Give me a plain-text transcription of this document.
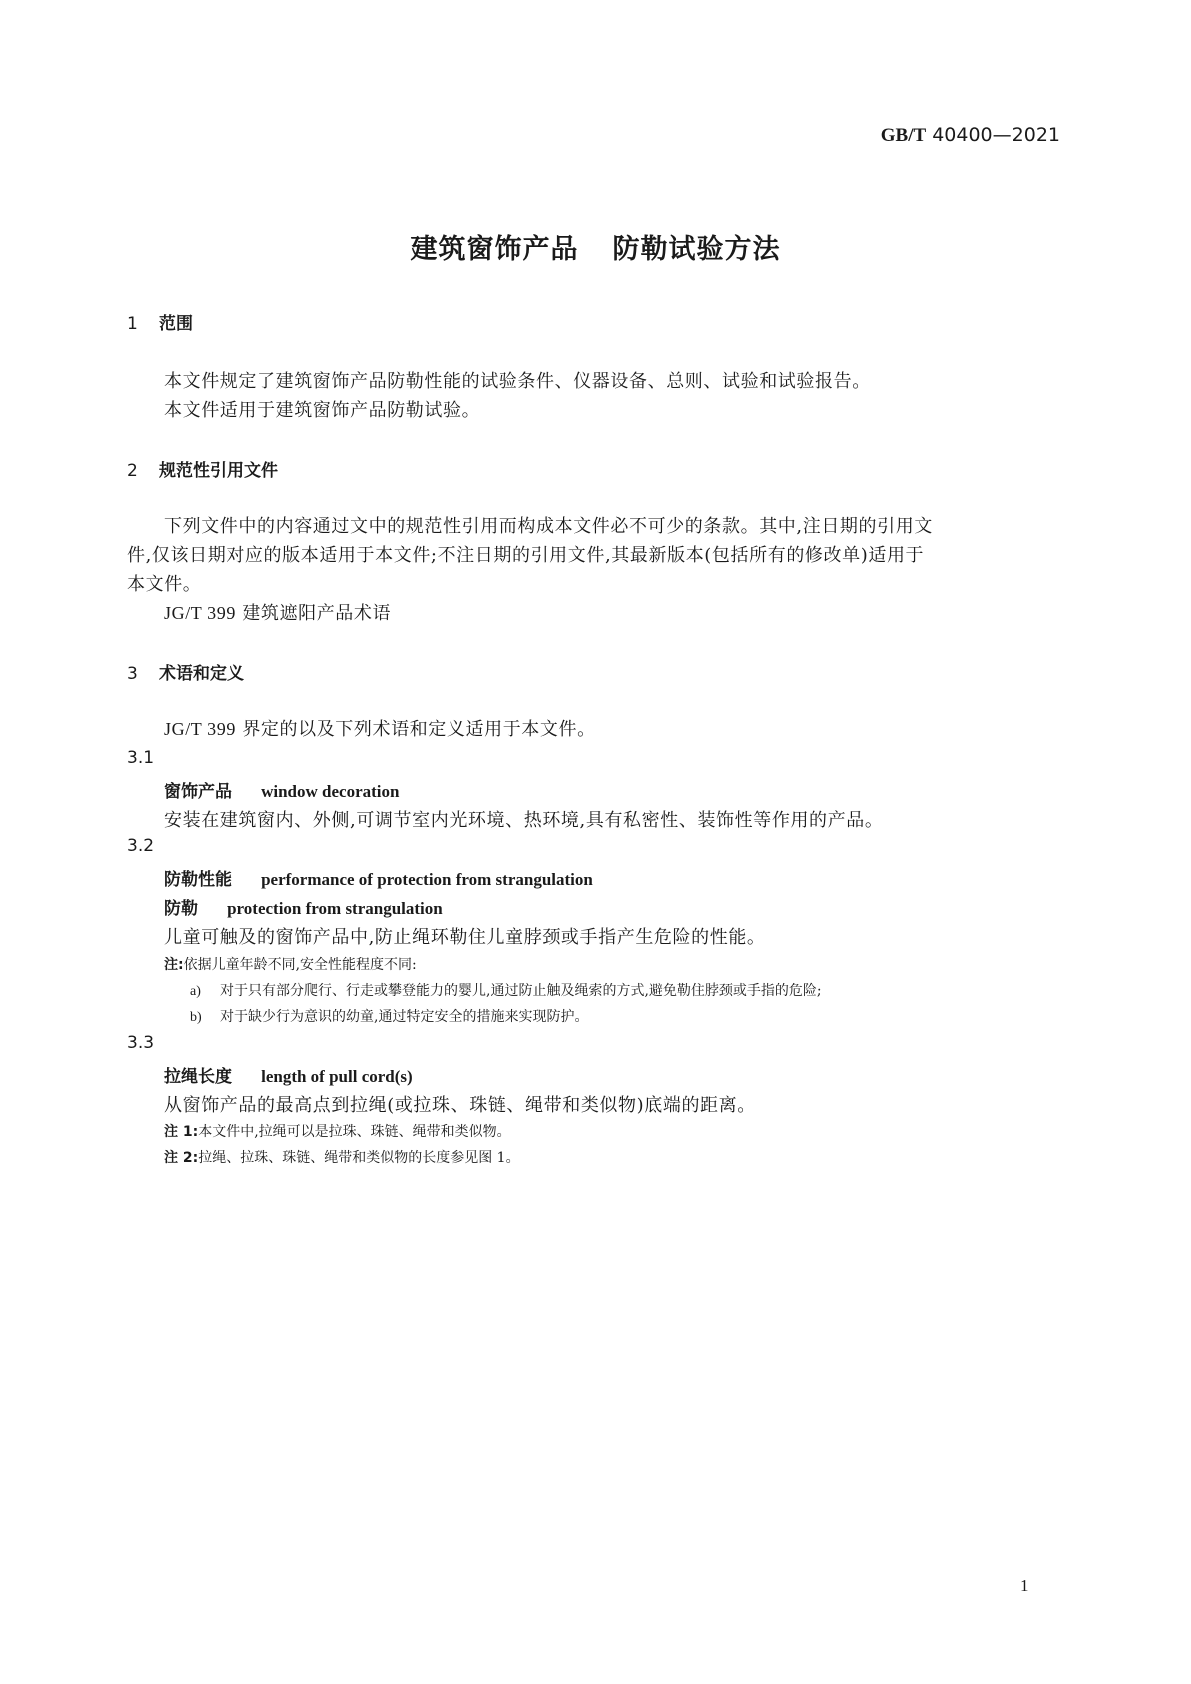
GB/T 40400—2021
建筑窗饰产品 防勒试验方法
1 范围
本文件规定了建筑窗饰产品防勒性能的试验条件、仪器设备、总则、试验和试验报告。
本文件适用于建筑窗饰产品防勒试验。
2 规范性引用文件
下列文件中的内容通过文中的规范性引用而构成本文件必不可少的条款。其中,注日期的引用文
件,仅该日期对应的版本适用于本文件;不注日期的引用文件,其最新版本(包括所有的修改单)适用于
本文件。
JG/T 399 建筑遮阳产品术语
3 术语和定义
JG/T 399 界定的以及下列术语和定义适用于本文件。
3.1
窗饰产品 window decoration
安装在建筑窗内、外侧,可调节室内光环境、热环境,具有私密性、装饰性等作用的产品。
3.2
防勒性能 performance of protection from strangulation
防勒 protection from strangulation
儿童可触及的窗饰产品中,防止绳环勒住儿童脖颈或手指产生危险的性能。
注:依据儿童年龄不同,安全性能程度不同:
a) 对于只有部分爬行、行走或攀登能力的婴儿,通过防止触及绳索的方式,避免勒住脖颈或手指的危险;
b) 对于缺少行为意识的幼童,通过特定安全的措施来实现防护。
3.3
拉绳长度 length of pull cord(s)
从窗饰产品的最高点到拉绳(或拉珠、珠链、绳带和类似物)底端的距离。
注 1:本文件中,拉绳可以是拉珠、珠链、绳带和类似物。
注 2:拉绳、拉珠、珠链、绳带和类似物的长度参见图 1。
1
